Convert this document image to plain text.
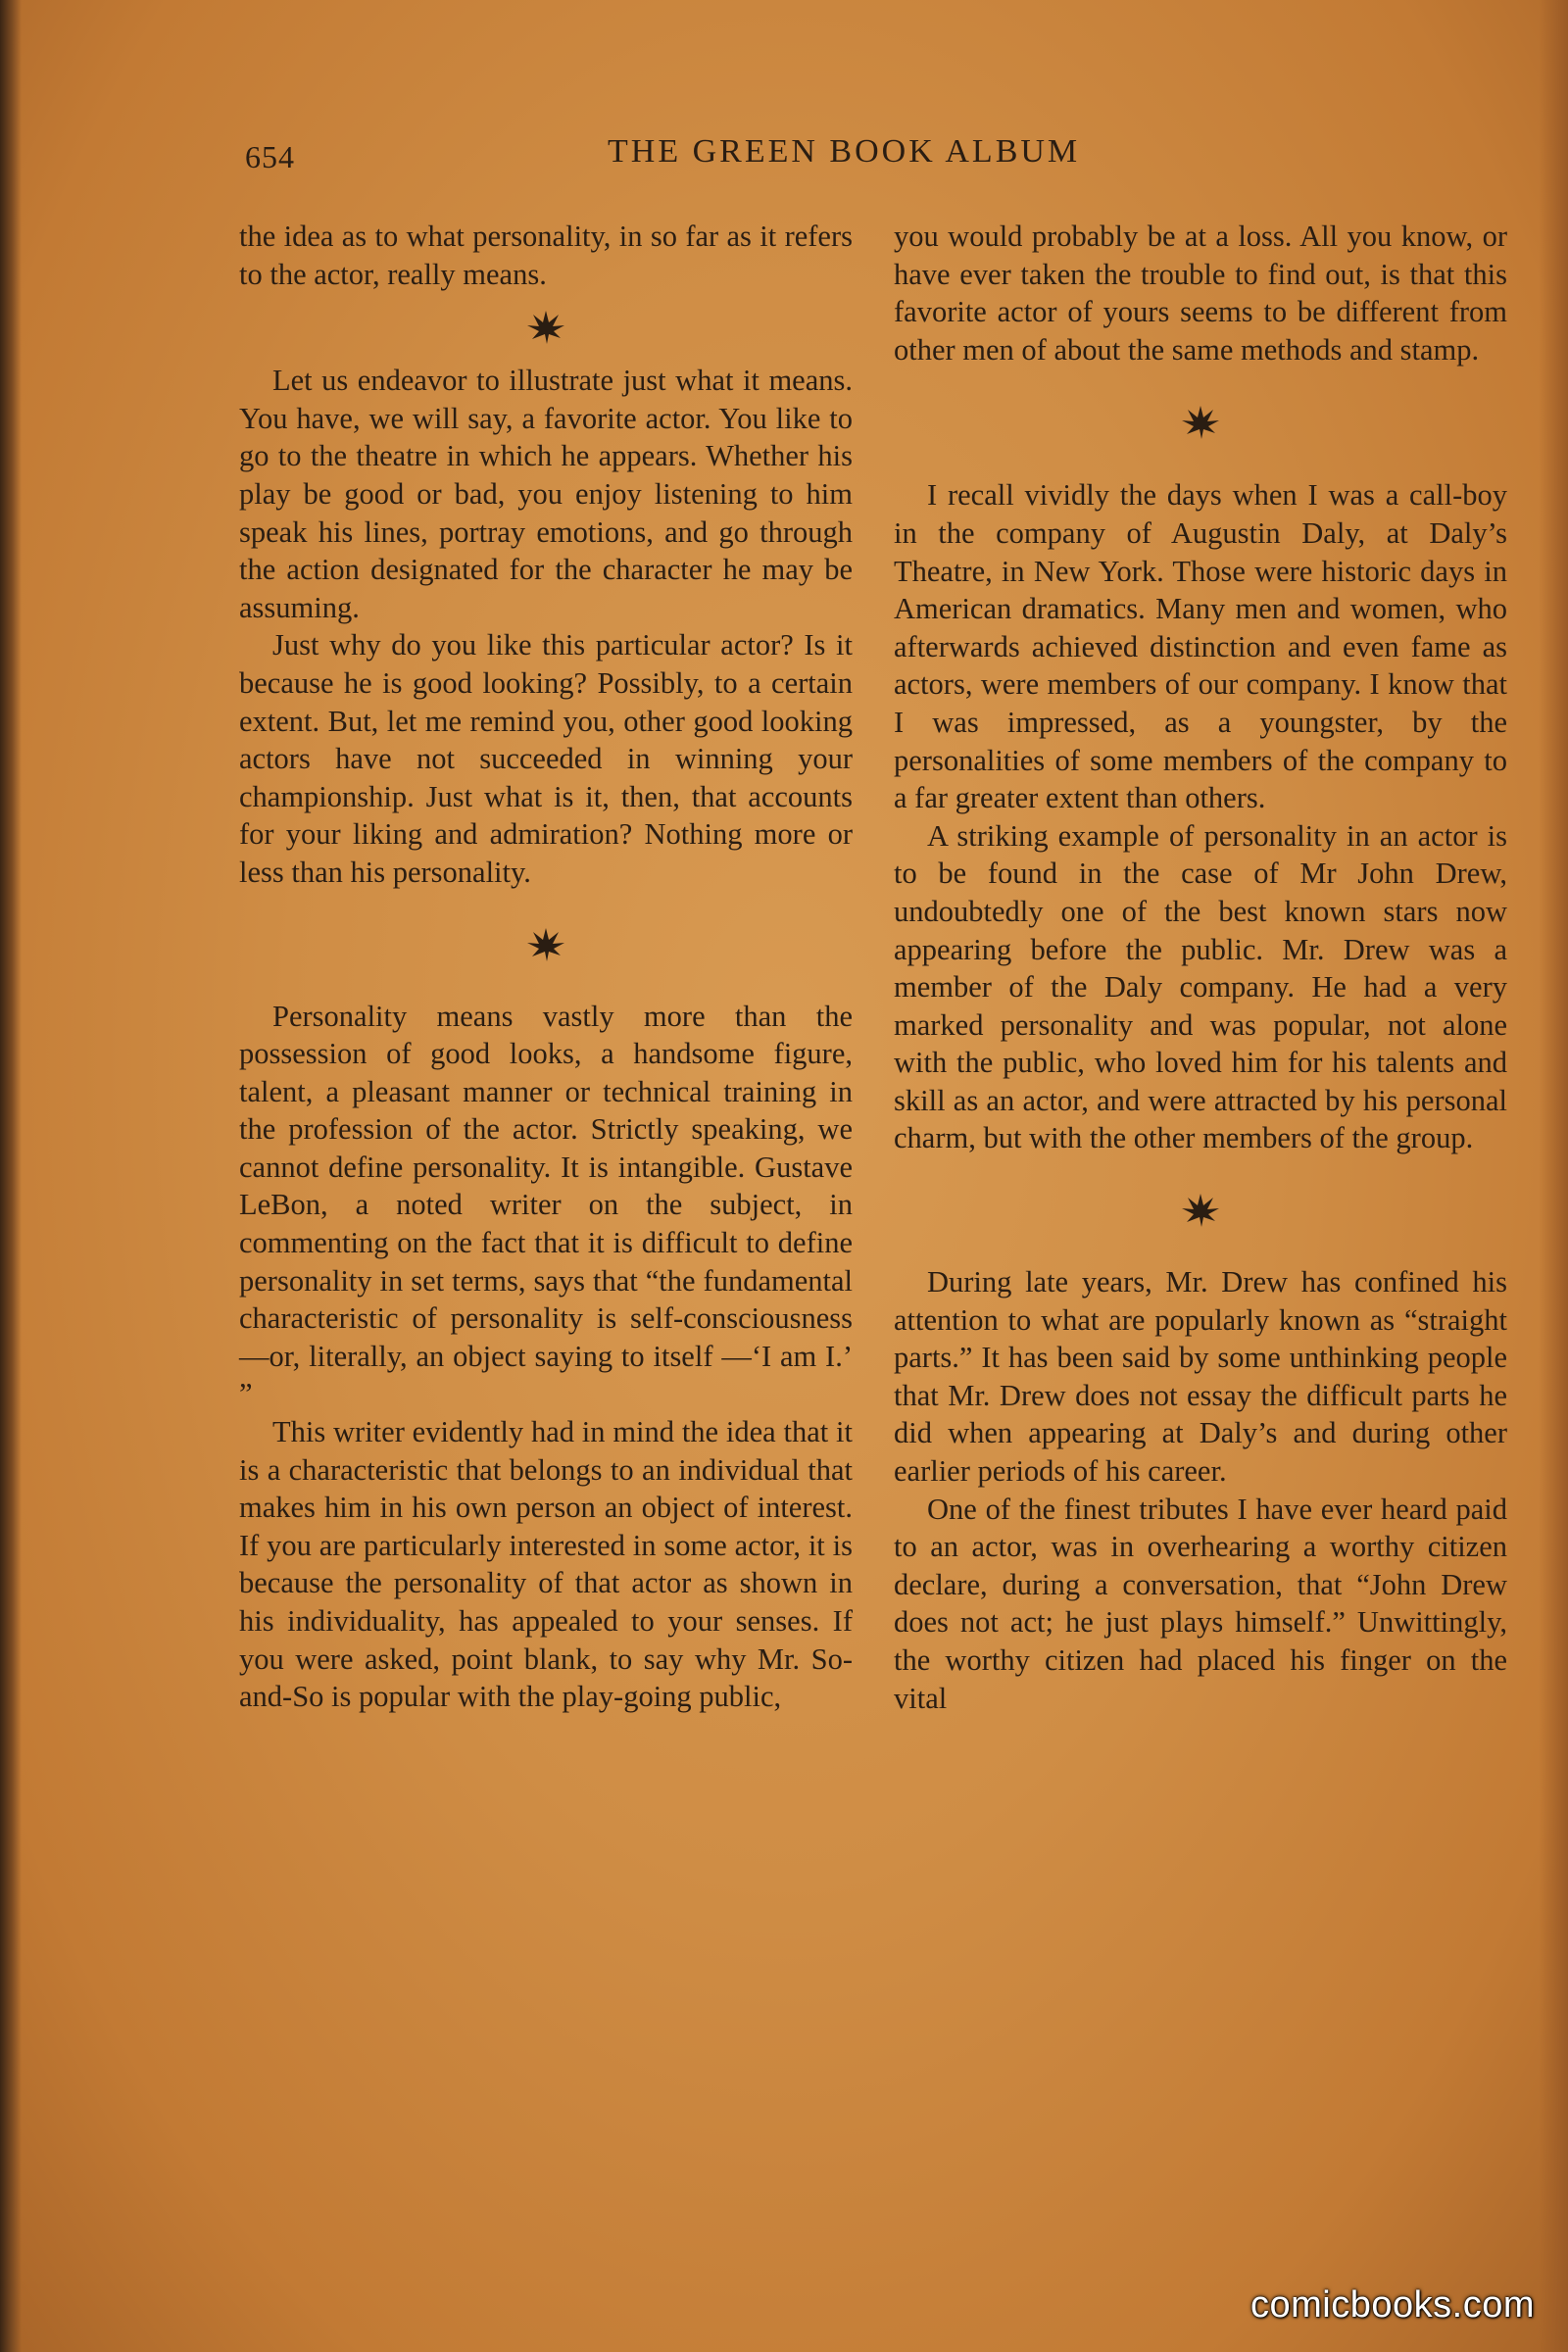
654	THE GREEN BOOK ALBUM

the idea as to what personality, in so far as it refers to the actor, really means.

Let us endeavor to illustrate just what it means. You have, we will say, a favorite actor. You like to go to the theatre in which he appears. Whether his play be good or bad, you enjoy listening to him speak his lines, portray emotions, and go through the action designated for the character he may be assuming.

Just why do you like this particular actor? Is it because he is good looking? Possibly, to a certain extent. But, let me remind you, other good looking actors have not succeeded in winning your championship. Just what is it, then, that accounts for your liking and admiration? Nothing more or less than his personality.

Personality means vastly more than the possession of good looks, a handsome figure, talent, a pleasant manner or technical training in the profession of the actor. Strictly speaking, we cannot define personality. It is intangible. Gustave LeBon, a noted writer on the subject, in commenting on the fact that it is difficult to define personality in set terms, says that “the fundamental characteristic of personality is self-consciousness—or, literally, an object saying to itself —‘I am I.’ ”

This writer evidently had in mind the idea that it is a characteristic that belongs to an individual that makes him in his own person an object of interest. If you are particularly interested in some actor, it is because the personality of that actor as shown in his individuality, has appealed to your senses. If you were asked, point blank, to say why Mr. So-and-So is popular with the play-going public,

you would probably be at a loss. All you know, or have ever taken the trouble to find out, is that this favorite actor of yours seems to be different from other men of about the same methods and stamp.

I recall vividly the days when I was a call-boy in the company of Augustin Daly, at Daly’s Theatre, in New York. Those were historic days in American dramatics. Many men and women, who afterwards achieved distinction and even fame as actors, were members of our company. I know that I was impressed, as a youngster, by the personalities of some members of the company to a far greater extent than others.

A striking example of personality in an actor is to be found in the case of Mr John Drew, undoubtedly one of the best known stars now appearing before the public. Mr. Drew was a member of the Daly company. He had a very marked personality and was popular, not alone with the public, who loved him for his talents and skill as an actor, and were attracted by his personal charm, but with the other members of the group.

During late years, Mr. Drew has confined his attention to what are popularly known as “straight parts.” It has been said by some unthinking people that Mr. Drew does not essay the difficult parts he did when appearing at Daly’s and during other earlier periods of his career.

One of the finest tributes I have ever heard paid to an actor, was in overhearing a worthy citizen declare, during a conversation, that “John Drew does not act; he just plays himself.” Unwittingly, the worthy citizen had placed his finger on the vital

comicbooks.com
